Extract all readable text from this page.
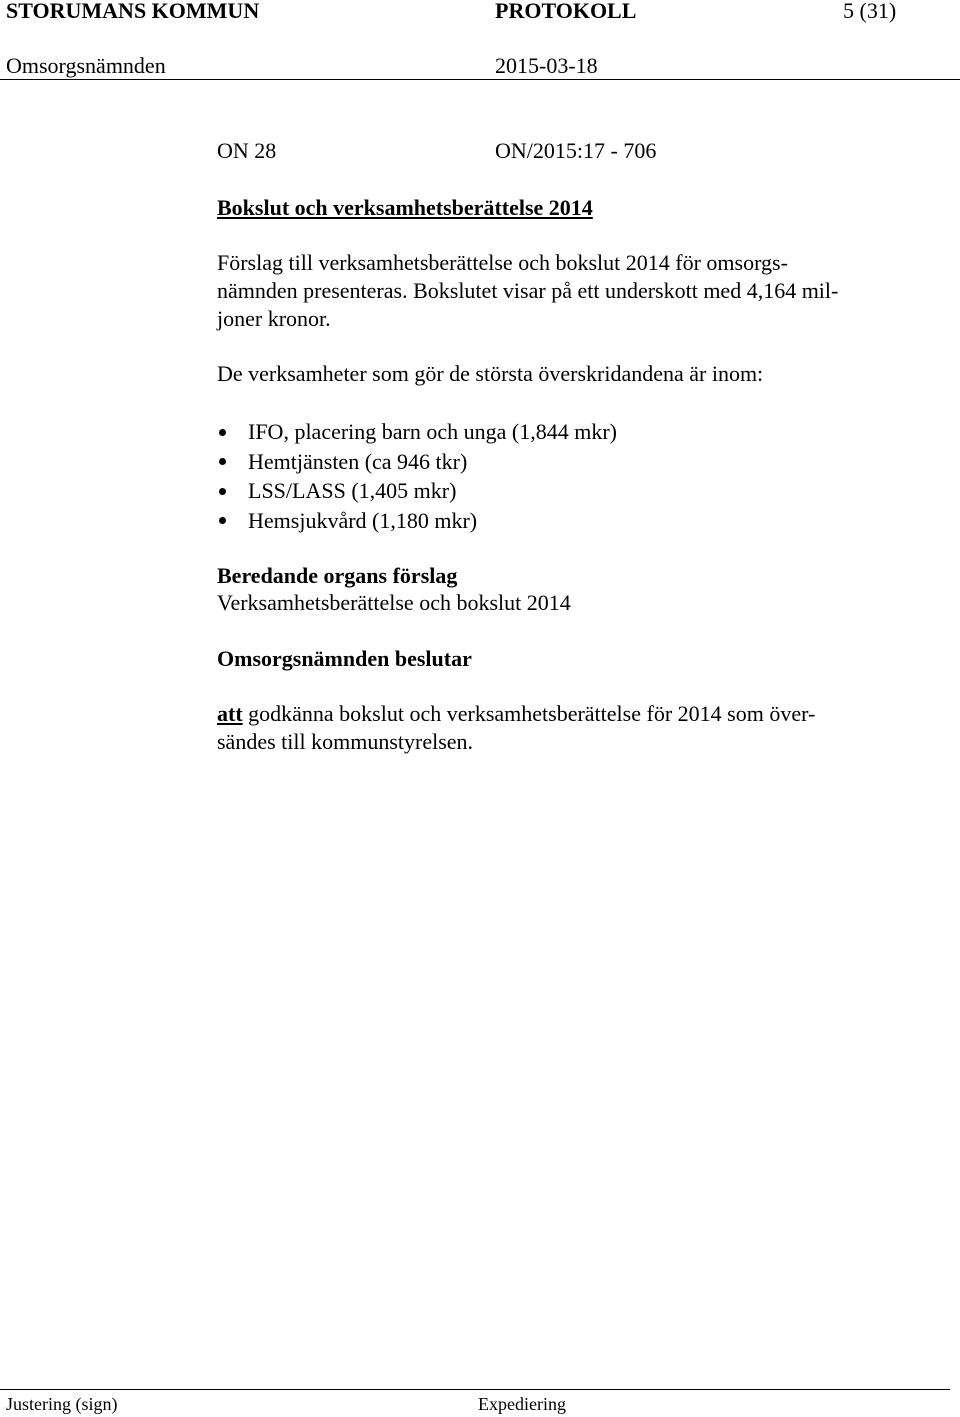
STORUMANS KOMMUN	PROTOKOLL	5 (31)
Omsorgsnämnden	2015-03-18
ON 28	ON/2015:17 - 706
Bokslut och verksamhetsberättelse 2014
Förslag till verksamhetsberättelse och bokslut 2014 för omsorgs-
nämnden presenteras. Bokslutet visar på ett underskott med 4,164 mil-
joner kronor.
De verksamheter som gör de största överskridandena är inom:
IFO, placering barn och unga (1,844 mkr)
Hemtjänsten (ca 946 tkr)
LSS/LASS (1,405 mkr)
Hemsjukvård (1,180 mkr)
Beredande organs förslag
Verksamhetsberättelse och bokslut 2014
Omsorgsnämnden beslutar
att godkänna bokslut och verksamhetsberättelse för 2014 som över-
sändes till kommunstyrelsen.
Justering (sign)	Expediering
